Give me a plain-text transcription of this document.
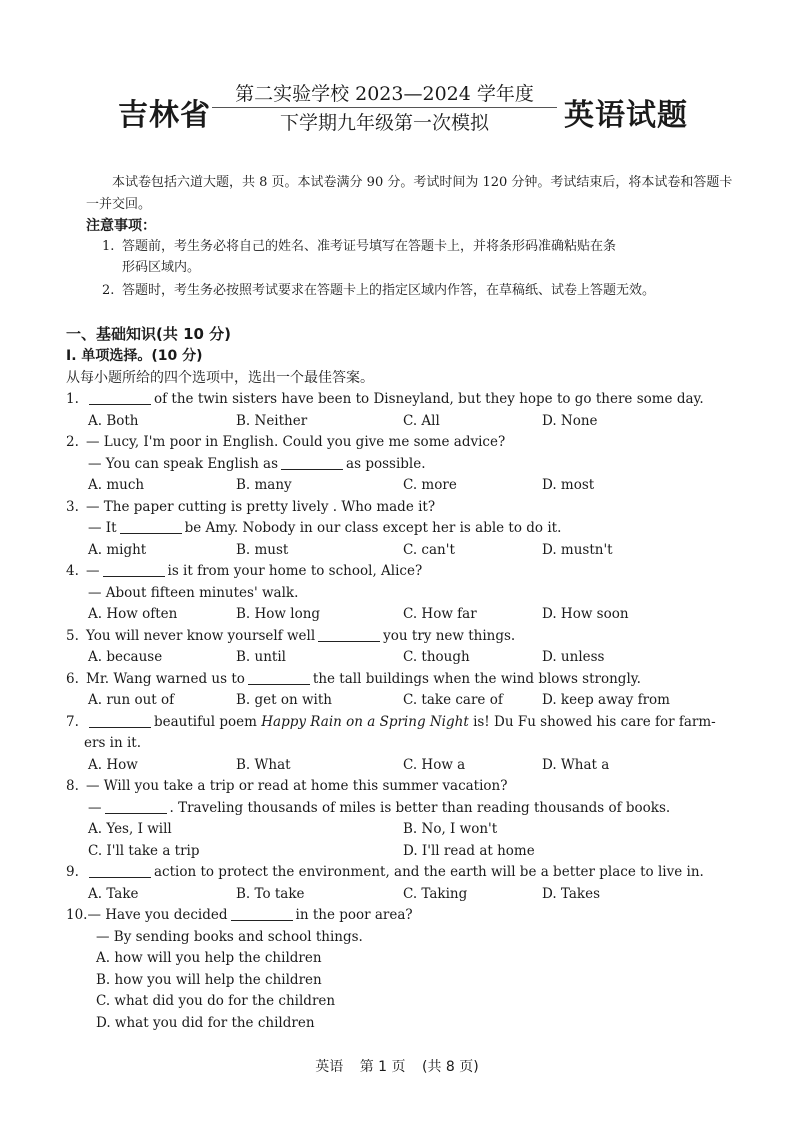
吉林省
第二实验学校 2023—2024 学年度
下学期九年级第一次模拟	英语试题
本试卷包括六道大题，共 8 页。本试卷满分 90 分。考试时间为 120 分钟。考试结束后，将本试卷和答题卡一并交回。
注意事项：
1. 答题前，考生务必将自己的姓名、准考证号填写在答题卡上，并将条形码准确粘贴在条
形码区域内。
2. 答题时，考生务必按照考试要求在答题卡上的指定区域内作答，在草稿纸、试卷上答题无效。
一、基础知识(共 10 分)
I. 单项选择。(10 分)
从每小题所给的四个选项中，选出一个最佳答案。
1.	of the twin sisters have been to Disneyland, but they hope to go there some day.
A. Both	B. Neither	C. All	D. None
2. — Lucy, I'm poor in English. Could you give me some advice?
— You can speak English as	as possible.
A. much	B. many	C. more	D. most
3. — The paper cutting is pretty lively . Who made it?
— It	be Amy. Nobody in our class except her is able to do it.
A. might	B. must	C. can't	D. mustn't
4. —	is it from your home to school, Alice?
— About fifteen minutes' walk.
A. How often	B. How long	C. How far	D. How soon
5. You will never know yourself well	you try new things.
A. because	B. until	C. though	D. unless
6. Mr. Wang warned us to	the tall buildings when the wind blows strongly.
A. run out of	B. get on with	C. take care of	D. keep away from
7.	beautiful poem Happy Rain on a Spring Night is! Du Fu showed his care for farm-
ers in it.
A. How	B. What	C. How a	D. What a
8. — Will you take a trip or read at home this summer vacation?
—	. Traveling thousands of miles is better than reading thousands of books.
A. Yes, I will	B. No, I won't
C. I'll take a trip	D. I'll read at home
9.	action to protect the environment, and the earth will be a better place to live in.
A. Take	B. To take	C. Taking	D. Takes
10.— Have you decided	in the poor area?
— By sending books and school things.
A. how will you help the children
B. how you will help the children
C. what did you do for the children
D. what you did for the children
英语 第 1 页 (共 8 页)
